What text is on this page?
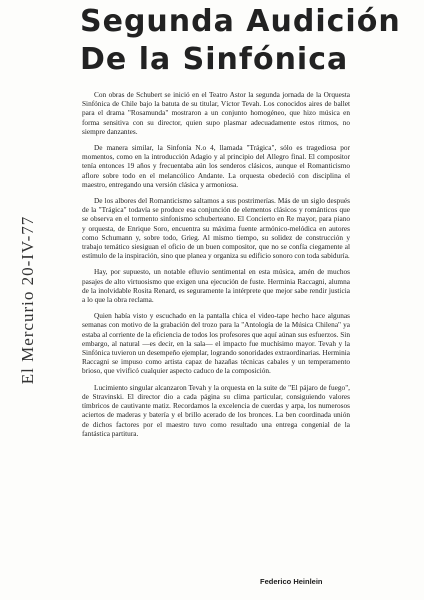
Segunda Audición
De la Sinfónica
El Mercurio 20-IV-77

Con obras de Schubert se inició en el Teatro Astor la segunda jornada de la Orquesta Sinfónica de Chile bajo la batuta de su titular, Víctor Tevah. Los conocidos aires de ballet para el drama "Rosamunda" mostraron a un conjunto homogéneo, que hizo música en forma sensitiva con su director, quien supo plasmar adecuadamente estos ritmos, no siempre danzantes.

De manera similar, la Sinfonía N.o 4, llamada "Trágica", sólo es tragediosa por momentos, como en la introducción Adagio y al principio del Allegro final. El compositor tenía entonces 19 años y frecuentaba aún los senderos clásicos, aunque el Romanticismo aflore sobre todo en el melancólico Andante. La orquesta obedeció con disciplina el maestro, entregando una versión clásica y armoniosa.

De los albores del Romanticismo saltamos a sus postrimerías. Más de un siglo después de la "Trágica" todavía se produce esa conjunción de elementos clásicos y románticos que se observa en el tormento sinfonismo schuberteano. El Concierto en Re mayor, para piano y orquesta, de Enrique Soro, encuentra su máxima fuente armónico-melódica en autores como Schumann y, sobre todo, Grieg. Al mismo tiempo, su solidez de construcción y trabajo temático siesiguan el oficio de un buen compositor, que no se confía ciegamente al estímulo de la inspiración, sino que planea y organiza su edificio sonoro con toda sabiduría.

Hay, por supuesto, un notable efluvio sentimental en esta música, amén de muchos pasajes de alto virtuosismo que exigen una ejecución de fuste. Herminia Raccagni, alumna de la inolvidable Rosita Renard, es seguramente la intérprete que mejor sabe rendir justicia a lo que la obra reclama.

Quien había visto y escuchado en la pantalla chica el video-tape hecho hace algunas semanas con motivo de la grabación del trozo para la "Antología de la Música Chilena" ya estaba al corriente de la eficiencia de todos los profesores que aquí aúnan sus esfuerzos. Sin embargo, al natural —es decir, en la sala— el impacto fue muchísimo mayor. Tevah y la Sinfónica tuvieron un desempeño ejemplar, logrando sonoridades extraordinarias. Herminia Raccagni se impuso como artista capaz de hazañas técnicas cabales y un temperamento brioso, que vivificó cualquier aspecto caduco de la composición.

Lucimiento singular alcanzaron Tevah y la orquesta en la suite de "El pájaro de fuego", de Stravinski. El director dio a cada página su clima particular, consiguiendo valores tímbricos de cautivante matiz. Recordamos la excelencia de cuerdas y arpa, los numerosos aciertos de maderas y batería y el brillo acerado de los bronces. La ben coordinada unión de dichos factores por el maestro tuvo como resultado una entrega congenial de la fantástica partitura.

Federico Heinlein
